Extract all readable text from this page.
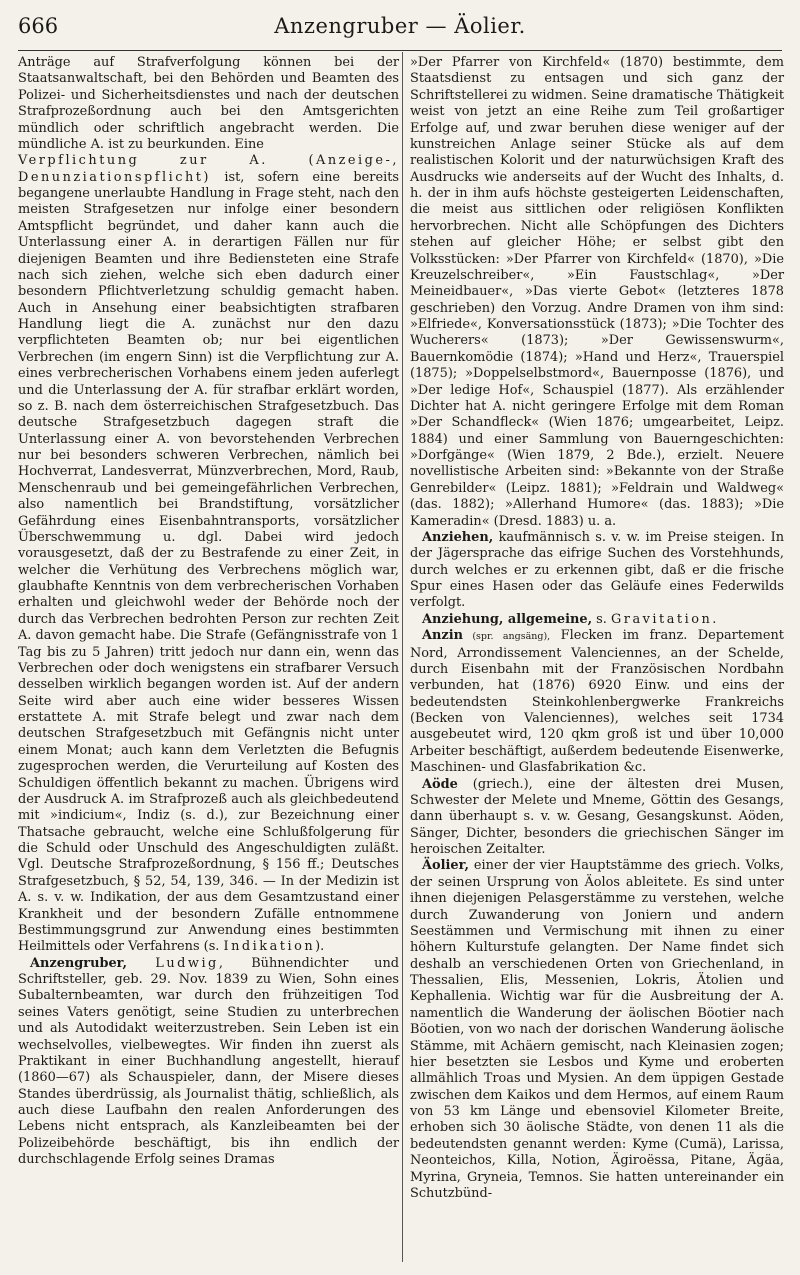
666	Anzengruber — Äolier.

Anträge auf Strafverfolgung können bei der Staatsanwaltschaft, bei den Behörden und Beamten des Polizei- und Sicherheitsdienstes und nach der deutschen Strafprozeßordnung auch bei den Amtsgerichten mündlich oder schriftlich angebracht werden. Die mündliche A. ist zu beurkunden. Eine

Verpflichtung zur A. (Anzeige-, Denunziationspflicht) ist, sofern eine bereits begangene unerlaubte Handlung in Frage steht, nach den meisten Strafgesetzen nur infolge einer besondern Amtspflicht begründet, und daher kann auch die Unterlassung einer A. in derartigen Fällen nur für diejenigen Beamten und ihre Bediensteten eine Strafe nach sich ziehen, welche sich eben dadurch einer besondern Pflichtverletzung schuldig gemacht haben. Auch in Ansehung einer beabsichtigten strafbaren Handlung liegt die A. zunächst nur den dazu verpflichteten Beamten ob; nur bei eigentlichen Verbrechen (im engern Sinn) ist die Verpflichtung zur A. eines verbrecherischen Vorhabens einem jeden auferlegt und die Unterlassung der A. für strafbar erklärt worden, so z. B. nach dem österreichischen Strafgesetzbuch. Das deutsche Strafgesetzbuch dagegen straft die Unterlassung einer A. von bevorstehenden Verbrechen nur bei besonders schweren Verbrechen, nämlich bei Hochverrat, Landesverrat, Münzverbrechen, Mord, Raub, Menschenraub und bei gemeingefährlichen Verbrechen, also namentlich bei Brandstiftung, vorsätzlicher Gefährdung eines Eisenbahntransports, vorsätzlicher Überschwemmung u. dgl. Dabei wird jedoch vorausgesetzt, daß der zu Bestrafende zu einer Zeit, in welcher die Verhütung des Verbrechens möglich war, glaubhafte Kenntnis von dem verbrecherischen Vorhaben erhalten und gleichwohl weder der Behörde noch der durch das Verbrechen bedrohten Person zur rechten Zeit A. davon gemacht habe. Die Strafe (Gefängnisstrafe von 1 Tag bis zu 5 Jahren) tritt jedoch nur dann ein, wenn das Verbrechen oder doch wenigstens ein strafbarer Versuch desselben wirklich begangen worden ist. Auf der andern Seite wird aber auch eine wider besseres Wissen erstattete A. mit Strafe belegt und zwar nach dem deutschen Strafgesetzbuch mit Gefängnis nicht unter einem Monat; auch kann dem Verletzten die Befugnis zugesprochen werden, die Verurteilung auf Kosten des Schuldigen öffentlich bekannt zu machen. Übrigens wird der Ausdruck A. im Strafprozeß auch als gleichbedeutend mit »indicium«, Indiz (s. d.), zur Bezeichnung einer Thatsache gebraucht, welche eine Schlußfolgerung für die Schuld oder Unschuld des Angeschuldigten zuläßt. Vgl. Deutsche Strafprozeßordnung, § 156 ff.; Deutsches Strafgesetzbuch, § 52, 54, 139, 346. — In der Medizin ist A. s. v. w. Indikation, der aus dem Gesamtzustand einer Krankheit und der besondern Zufälle entnommene Bestimmungsgrund zur Anwendung eines bestimmten Heilmittels oder Verfahrens (s. Indikation).

Anzengruber, Ludwig, Bühnendichter und Schriftsteller, geb. 29. Nov. 1839 zu Wien, Sohn eines Subalternbeamten, war durch den frühzeitigen Tod seines Vaters genötigt, seine Studien zu unterbrechen und als Autodidakt weiterzustreben. Sein Leben ist ein wechselvolles, vielbewegtes. Wir finden ihn zuerst als Praktikant in einer Buchhandlung angestellt, hierauf (1860—67) als Schauspieler, dann, der Misere dieses Standes überdrüssig, als Journalist thätig, schließlich, als auch diese Laufbahn den realen Anforderungen des Lebens nicht entsprach, als Kanzleibeamten bei der Polizeibehörde beschäftigt, bis ihn endlich der durchschlagende Erfolg seines Dramas

»Der Pfarrer von Kirchfeld« (1870) bestimmte, dem Staatsdienst zu entsagen und sich ganz der Schriftstellerei zu widmen. Seine dramatische Thätigkeit weist von jetzt an eine Reihe zum Teil großartiger Erfolge auf, und zwar beruhen diese weniger auf der kunstreichen Anlage seiner Stücke als auf dem realistischen Kolorit und der naturwüchsigen Kraft des Ausdrucks wie anderseits auf der Wucht des Inhalts, d. h. der in ihm aufs höchste gesteigerten Leidenschaften, die meist aus sittlichen oder religiösen Konflikten hervorbrechen. Nicht alle Schöpfungen des Dichters stehen auf gleicher Höhe; er selbst gibt den Volksstücken: »Der Pfarrer von Kirchfeld« (1870), »Die Kreuzelschreiber«, »Ein Faustschlag«, »Der Meineidbauer«, »Das vierte Gebot« (letzteres 1878 geschrieben) den Vorzug. Andre Dramen von ihm sind: »Elfriede«, Konversationsstück (1873); »Die Tochter des Wucherers« (1873); »Der Gewissenswurm«, Bauernkomödie (1874); »Hand und Herz«, Trauerspiel (1875); »Doppelselbstmord«, Bauernposse (1876), und »Der ledige Hof«, Schauspiel (1877). Als erzählender Dichter hat A. nicht geringere Erfolge mit dem Roman »Der Schandfleck« (Wien 1876; umgearbeitet, Leipz. 1884) und einer Sammlung von Bauerngeschichten: »Dorfgänge« (Wien 1879, 2 Bde.), erzielt. Neuere novellistische Arbeiten sind: »Bekannte von der Straße Genrebilder« (Leipz. 1881); »Feldrain und Waldweg« (das. 1882); »Allerhand Humore« (das. 1883); »Die Kameradin« (Dresd. 1883) u. a.

Anziehen, kaufmännisch s. v. w. im Preise steigen. In der Jägersprache das eifrige Suchen des Vorstehhunds, durch welches er zu erkennen gibt, daß er die frische Spur eines Hasen oder das Geläufe eines Federwilds verfolgt.

Anziehung, allgemeine, s. Gravitation.

Anzin (spr. angsäng), Flecken im franz. Departement Nord, Arrondissement Valenciennes, an der Schelde, durch Eisenbahn mit der Französischen Nordbahn verbunden, hat (1876) 6920 Einw. und eins der bedeutendsten Steinkohlenbergwerke Frankreichs (Becken von Valenciennes), welches seit 1734 ausgebeutet wird, 120 qkm groß ist und über 10,000 Arbeiter beschäftigt, außerdem bedeutende Eisenwerke, Maschinen- und Glasfabrikation &c.

Aöde (griech.), eine der ältesten drei Musen, Schwester der Melete und Mneme, Göttin des Gesangs, dann überhaupt s. v. w. Gesang, Gesangskunst. Aöden, Sänger, Dichter, besonders die griechischen Sänger im heroischen Zeitalter.

Äolier, einer der vier Hauptstämme des griech. Volks, der seinen Ursprung von Äolos ableitete. Es sind unter ihnen diejenigen Pelasgerstämme zu verstehen, welche durch Zuwanderung von Joniern und andern Seestämmen und Vermischung mit ihnen zu einer höhern Kulturstufe gelangten. Der Name findet sich deshalb an verschiedenen Orten von Griechenland, in Thessalien, Elis, Messenien, Lokris, Ätolien und Kephallenia. Wichtig war für die Ausbreitung der A. namentlich die Wanderung der äolischen Böotier nach Böotien, von wo nach der dorischen Wanderung äolische Stämme, mit Achäern gemischt, nach Kleinasien zogen; hier besetzten sie Lesbos und Kyme und eroberten allmählich Troas und Mysien. An dem üppigen Gestade zwischen dem Kaikos und dem Hermos, auf einem Raum von 53 km Länge und ebensoviel Kilometer Breite, erhoben sich 30 äolische Städte, von denen 11 als die bedeutendsten genannt werden: Kyme (Cumä), Larissa, Neonteichos, Killa, Notion, Ägiroëssa, Pitane, Ägäa, Myrina, Gryneia, Temnos. Sie hatten untereinander ein Schutzbünd-
